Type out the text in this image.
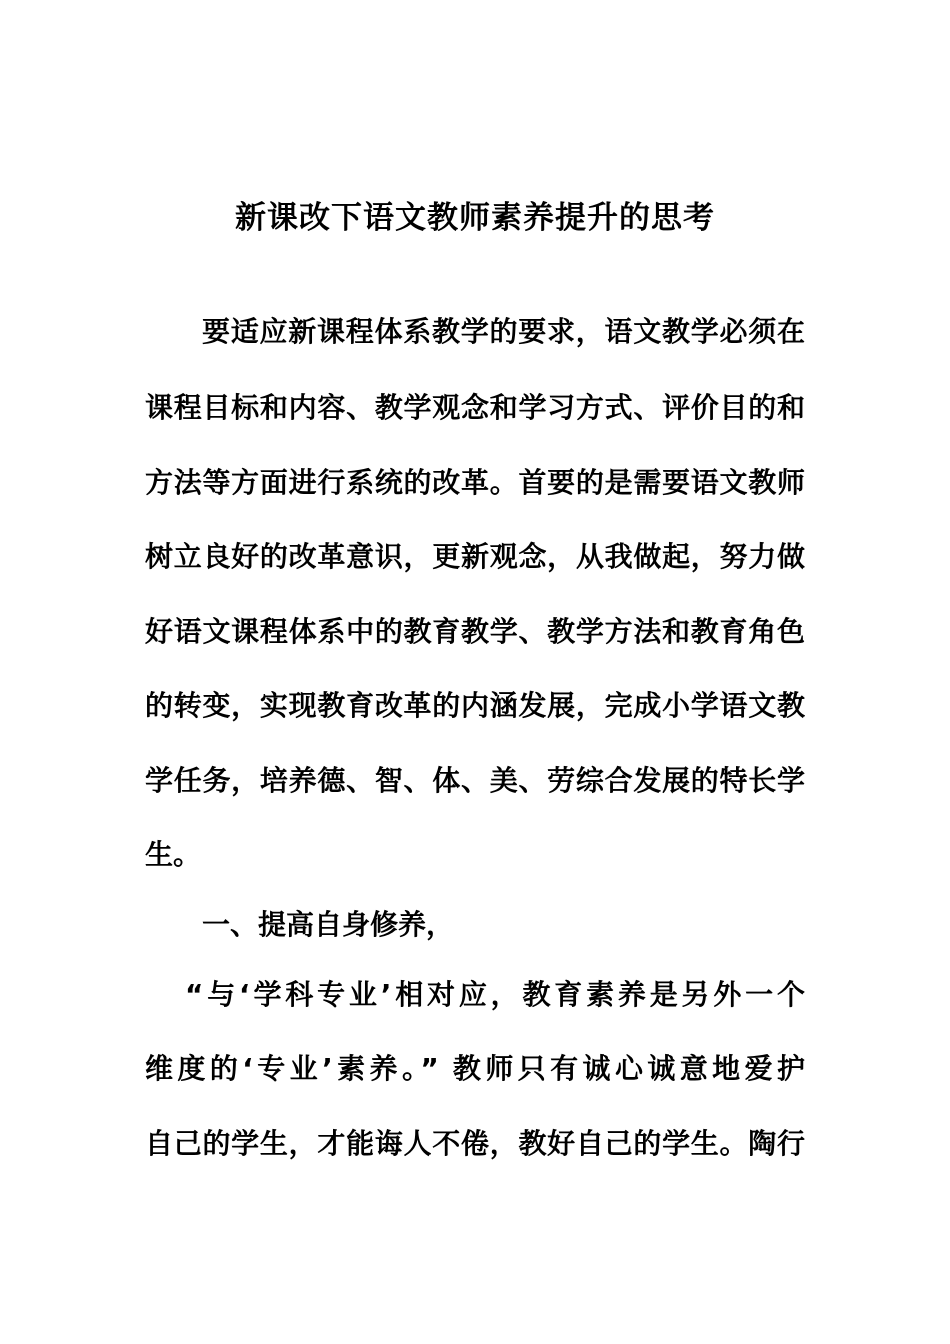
新课改下语文教师素养提升的思考
要适应新课程体系教学的要求，语文教学必须在
课程目标和内容、教学观念和学习方式、评价目的和
方法等方面进行系统的改革。首要的是需要语文教师
树立良好的改革意识，更新观念，从我做起，努力做
好语文课程体系中的教育教学、教学方法和教育角色
的转变，实现教育改革的内涵发展，完成小学语文教
学任务，培养德、智、体、美、劳综合发展的特长学
生。
一、提高自身修养，
“与‘学科专业’相对应，教育素养是另外一个
维度的‘专业’素养。” 教师只有诚心诚意地爱护
自己的学生，才能诲人不倦，教好自己的学生。陶行
